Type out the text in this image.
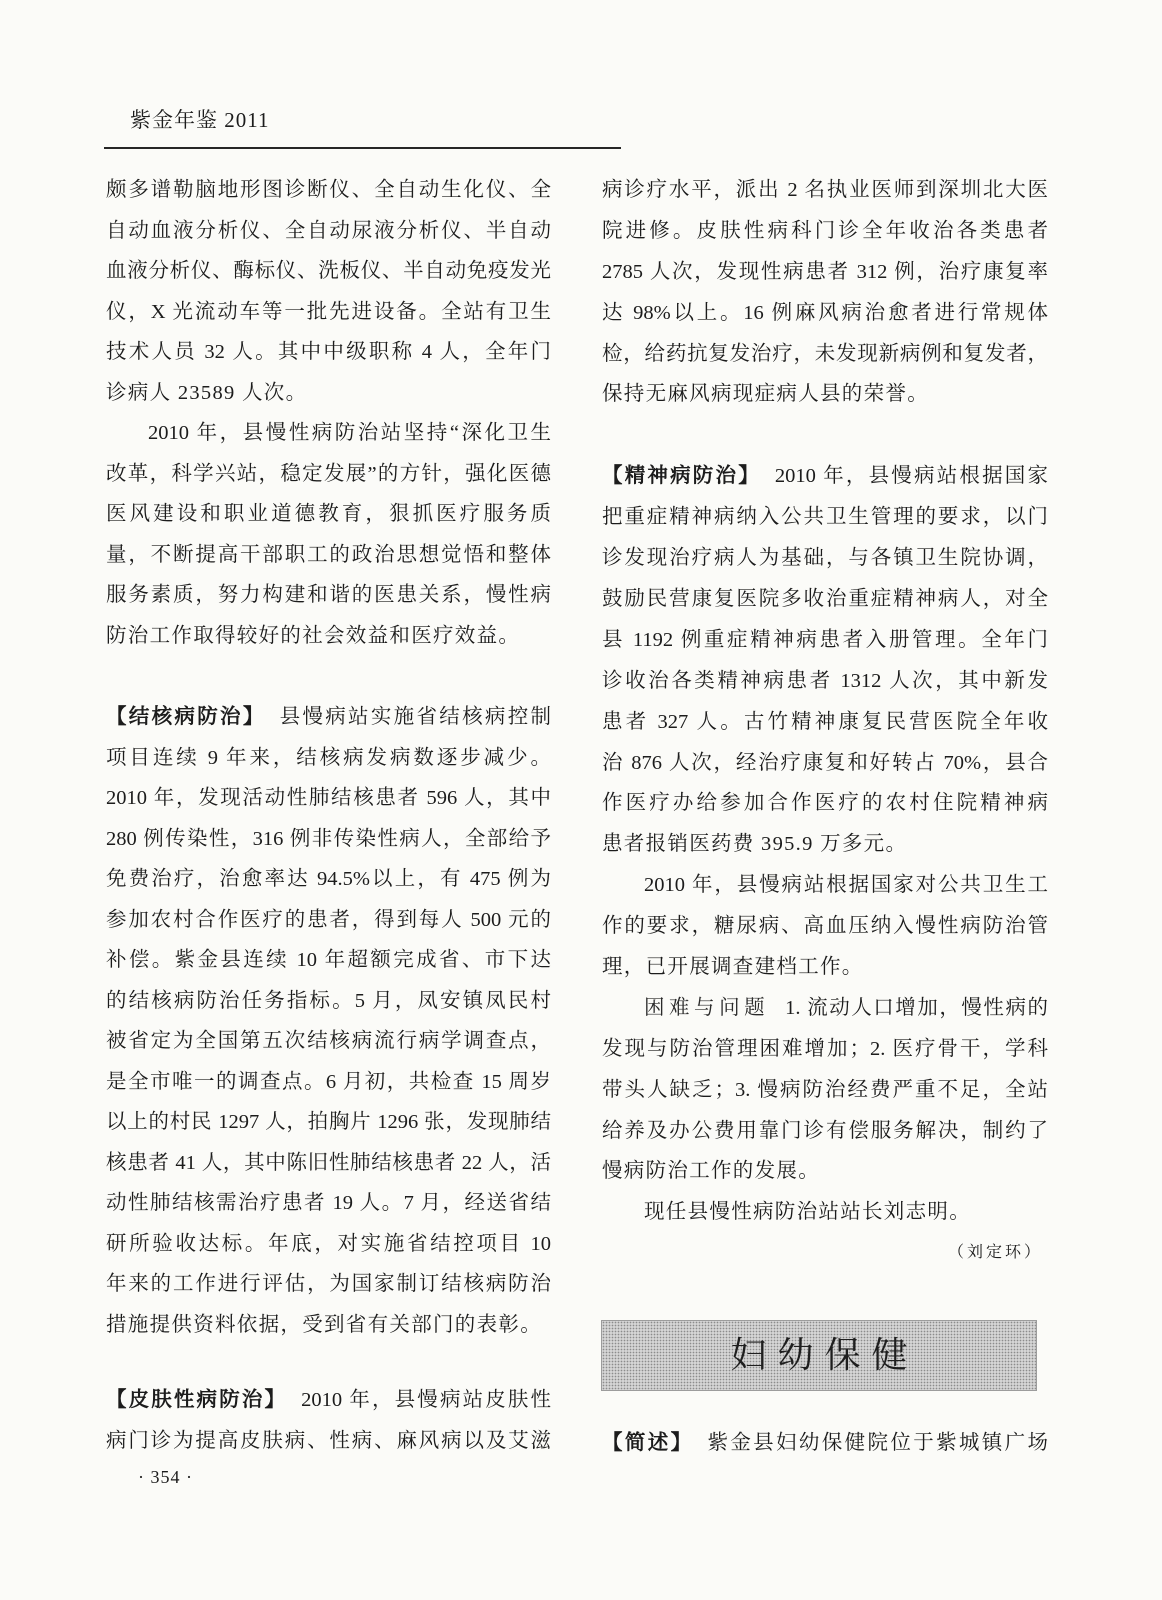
紫金年鉴 2011
颇多谱勒脑地形图诊断仪、全自动生化仪、全
自动血液分析仪、全自动尿液分析仪、半自动
血液分析仪、酶标仪、洗板仪、半自动免疫发光
仪，X 光流动车等一批先进设备。全站有卫生
技术人员 32 人。其中中级职称 4 人，全年门
诊病人 23589 人次。
2010 年，县慢性病防治站坚持“深化卫生
改革，科学兴站，稳定发展”的方针，强化医德
医风建设和职业道德教育，狠抓医疗服务质
量，不断提高干部职工的政治思想觉悟和整体
服务素质，努力构建和谐的医患关系，慢性病
防治工作取得较好的社会效益和医疗效益。
【结核病防治】 县慢病站实施省结核病控制
项目连续 9 年来，结核病发病数逐步减少。
2010 年，发现活动性肺结核患者 596 人，其中
280 例传染性，316 例非传染性病人，全部给予
免费治疗，治愈率达 94.5%以上，有 475 例为
参加农村合作医疗的患者，得到每人 500 元的
补偿。紫金县连续 10 年超额完成省、市下达
的结核病防治任务指标。5 月，凤安镇凤民村
被省定为全国第五次结核病流行病学调查点，
是全市唯一的调查点。6 月初，共检查 15 周岁
以上的村民 1297 人，拍胸片 1296 张，发现肺结
核患者 41 人，其中陈旧性肺结核患者 22 人，活
动性肺结核需治疗患者 19 人。7 月，经送省结
研所验收达标。年底，对实施省结控项目 10
年来的工作进行评估，为国家制订结核病防治
措施提供资料依据，受到省有关部门的表彰。
【皮肤性病防治】 2010 年，县慢病站皮肤性
病门诊为提高皮肤病、性病、麻风病以及艾滋
· 354 ·
病诊疗水平，派出 2 名执业医师到深圳北大医
院进修。皮肤性病科门诊全年收治各类患者
2785 人次，发现性病患者 312 例，治疗康复率
达 98%以上。16 例麻风病治愈者进行常规体
检，给药抗复发治疗，未发现新病例和复发者，
保持无麻风病现症病人县的荣誉。
【精神病防治】 2010 年，县慢病站根据国家
把重症精神病纳入公共卫生管理的要求，以门
诊发现治疗病人为基础，与各镇卫生院协调，
鼓励民营康复医院多收治重症精神病人，对全
县 1192 例重症精神病患者入册管理。全年门
诊收治各类精神病患者 1312 人次，其中新发
患者 327 人。古竹精神康复民营医院全年收
治 876 人次，经治疗康复和好转占 70%，县合
作医疗办给参加合作医疗的农村住院精神病
患者报销医药费 395.9 万多元。
2010 年，县慢病站根据国家对公共卫生工
作的要求，糖尿病、高血压纳入慢性病防治管
理，已开展调查建档工作。
困难与问题 1. 流动人口增加，慢性病的
发现与防治管理困难增加；2. 医疗骨干，学科
带头人缺乏；3. 慢病防治经费严重不足，全站
给养及办公费用靠门诊有偿服务解决，制约了
慢病防治工作的发展。
现任县慢性病防治站站长刘志明。
（刘定环）
妇幼保健
【简述】 紫金县妇幼保健院位于紫城镇广场
